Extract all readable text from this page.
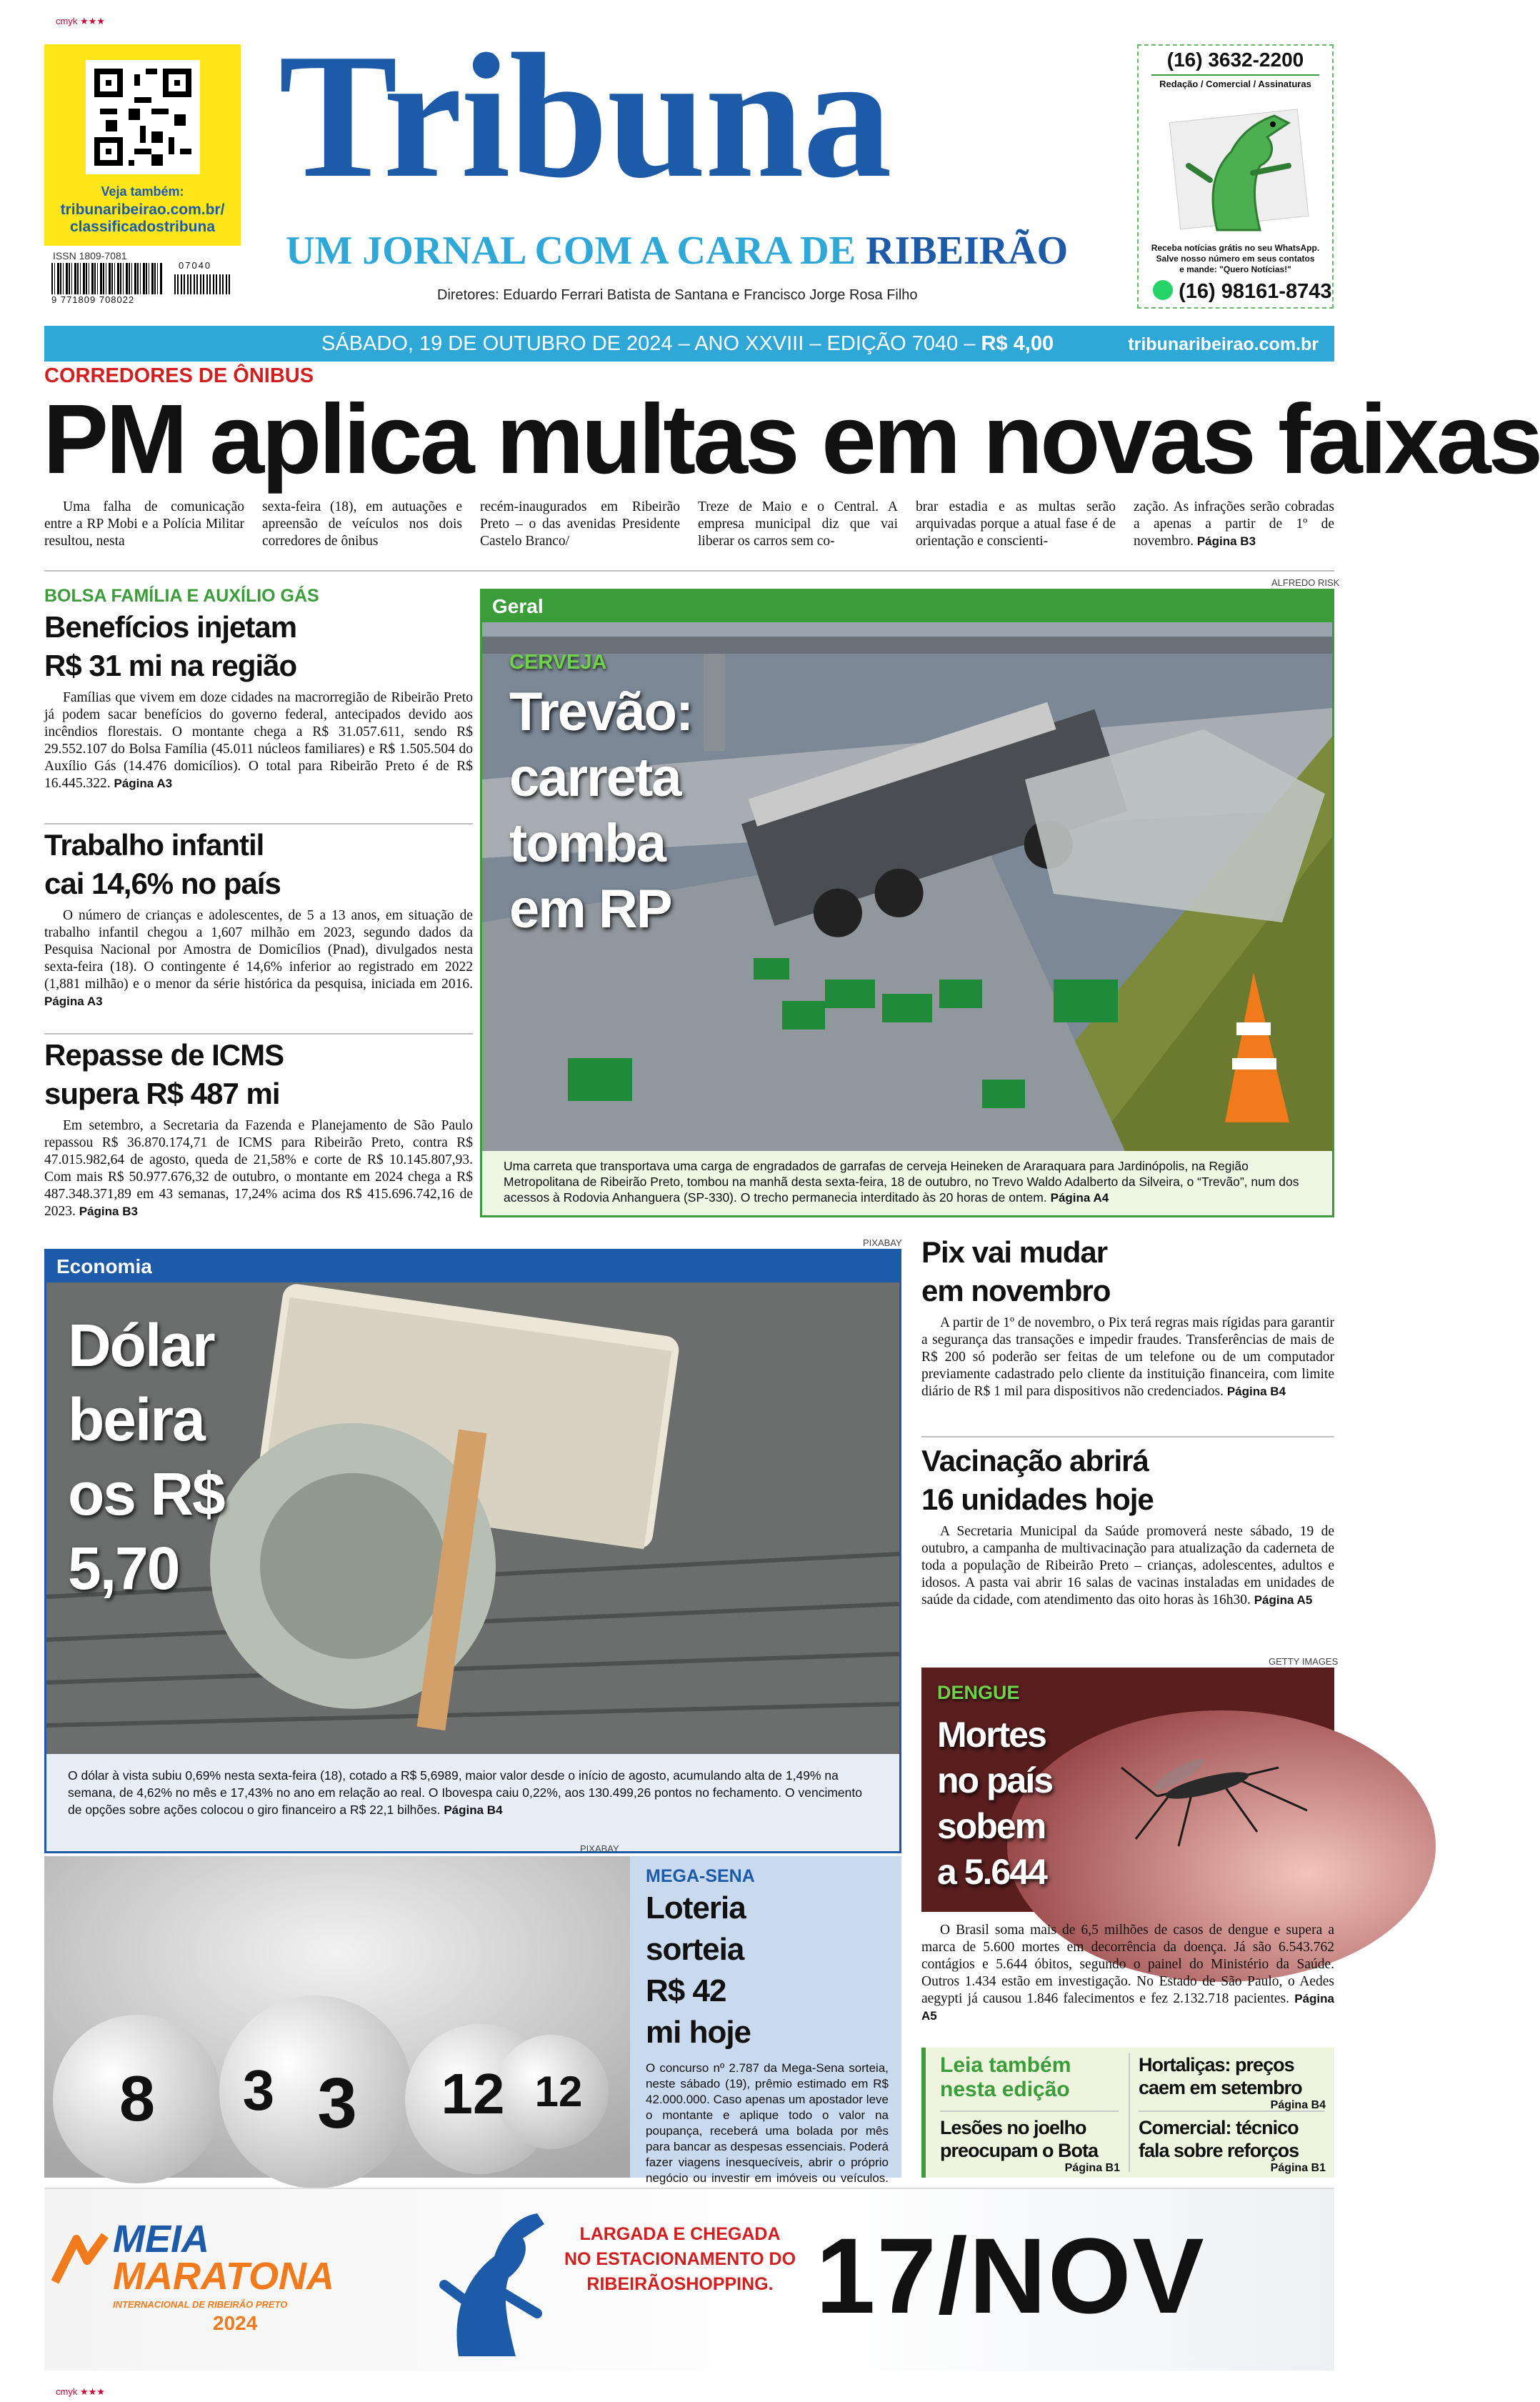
cmyk ★★★
cmyk ★★★
Veja também:
tribunaribeirao.com.br/
classificadostribuna
ISSN 1809-7081
9 771809 708022
07040
Tribuna
UM JORNAL COM A CARA DE RIBEIRÃO
Diretores: Eduardo Ferrari Batista de Santana e Francisco Jorge Rosa Filho
(16) 3632-2200
Redação / Comercial / Assinaturas
Receba notícias grátis no seu WhatsApp.
Salve nosso número em seus contatos
e mande: "Quero Notícias!"
(16) 98161-8743
SÁBADO, 19 DE OUTUBRO DE 2024 – ANO XXVIII – EDIÇÃO 7040 – R$ 4,00	tribunaribeirao.com.br
CORREDORES DE ÔNIBUS
PM aplica multas em novas faixas

Uma falha de comunicação entre a RP Mobi e a Polícia Militar resultou, nesta

sexta-feira (18), em autuações e apreensão de veículos nos dois corredores de ônibus

recém-inaugurados em Ribeirão Preto – o das avenidas Presidente Castelo Branco/

Treze de Maio e o Central. A empresa municipal diz que vai liberar os carros sem co-

brar estadia e as multas serão arquivadas porque a atual fase é de orientação e conscienti-

zação. As infrações serão cobradas a apenas a partir de 1º de novembro. Página B3

BOLSA FAMÍLIA E AUXÍLIO GÁS
Benefícios injetam
R$ 31 mi na região

Famílias que vivem em doze cidades na macrorregião de Ribeirão Preto já podem sacar benefícios do governo federal, antecipados devido aos incêndios florestais. O montante chega a R$ 31.057.611, sendo R$ 29.552.107 do Bolsa Família (45.011 núcleos familiares) e R$ 1.505.504 do Auxílio Gás (14.476 domicílios). O total para Ribeirão Preto é de R$ 16.445.322. Página A3

Trabalho infantil
cai 14,6% no país

O número de crianças e adolescentes, de 5 a 13 anos, em situação de trabalho infantil chegou a 1,607 milhão em 2023, segundo dados da Pesquisa Nacional por Amostra de Domicílios (Pnad), divulgados nesta sexta-feira (18). O contingente é 14,6% inferior ao registrado em 2022 (1,881 milhão) e o menor da série histórica da pesquisa, iniciada em 2016. Página A3

Repasse de ICMS
supera R$ 487 mi

Em setembro, a Secretaria da Fazenda e Planejamento de São Paulo repassou R$ 36.870.174,71 de ICMS para Ribeirão Preto, contra R$ 47.015.982,64 de agosto, queda de 21,58% e corte de R$ 10.145.807,93. Com mais R$ 50.977.676,32 de outubro, o montante em 2024 chega a R$ 487.348.371,89 em 43 semanas, 17,24% acima dos R$ 415.696.742,16 de 2023. Página B3

ALFREDO RISK
Geral
CERVEJA
Trevão:
carreta
tomba
em RP

Uma carreta que transportava uma carga de engradados de garrafas de cerveja Heineken de Araraquara para Jardinópolis, na Região Metropolitana de Ribeirão Preto, tombou na manhã desta sexta-feira, 18 de outubro, no Trevo Waldo Adalberto da Silveira, o “Trevão”, num dos acessos à Rodovia Anhanguera (SP-330). O trecho permanecia interditado às 20 horas de ontem. Página A4

PIXABAY
Economia
Dólar
beira
os R$
5,70

O dólar à vista subiu 0,69% nesta sexta-feira (18), cotado a R$ 5,6989, maior valor desde o início de agosto, acumulando alta de 1,49% na semana, de 4,62% no mês e 17,43% no ano em relação ao real. O Ibovespa caiu 0,22%, aos 130.499,26 pontos no fechamento. O vencimento de opções sobre ações colocou o giro financeiro a R$ 22,1 bilhões. Página B4

Pix vai mudar
em novembro

A partir de 1º de novembro, o Pix terá regras mais rígidas para garantir a segurança das transações e impedir fraudes. Transferências de mais de R$ 200 só poderão ser feitas de um telefone ou de um computador previamente cadastrado pelo cliente da instituição financeira, com limite diário de R$ 1 mil para dispositivos não credenciados. Página B4

Vacinação abrirá
16 unidades hoje

A Secretaria Municipal da Saúde promoverá neste sábado, 19 de outubro, a campanha de multivacinação para atualização da caderneta de toda a população de Ribeirão Preto – crianças, adolescentes, adultos e idosos. A pasta vai abrir 16 salas de vacinas instaladas em unidades de saúde da cidade, com atendimento das oito horas às 16h30. Página A5

GETTY IMAGES
DENGUE
Mortes
no país
sobem
a 5.644

O Brasil soma mais de 6,5 milhões de casos de dengue e supera a marca de 5.600 mortes em decorrência da doença. Já são 6.543.762 contágios e 5.644 óbitos, segundo o painel do Ministério da Saúde. Outros 1.434 estão em investigação. No Estado de São Paulo, o Aedes aegypti já causou 1.846 falecimentos e fez 2.132.718 pacientes. Página A5

PIXABAY
8 3 3 12 12
MEGA-SENA
Loteria
sorteia
R$ 42
mi hoje

O concurso nº 2.787 da Mega-Sena sorteia, neste sábado (19), prêmio estimado em R$ 42.000.000. Caso apenas um apostador leve o montante e aplique todo o valor na poupança, receberá uma bolada por mês para bancar as despesas essenciais. Poderá fazer viagens inesquecíveis, abrir o próprio negócio ou investir em imóveis ou veículos.

Leia também
nesta edição
Lesões no joelho
preocupam o Bota
Página B1
Hortaliças: preços
caem em setembro
Página B4
Comercial: técnico
fala sobre reforços
Página B1
MEIA
MARATONA
INTERNACIONAL DE RIBEIRÃO PRETO
2024
LARGADA E CHEGADA
NO ESTACIONAMENTO DO
RIBEIRÃOSHOPPING. 17/NOV
